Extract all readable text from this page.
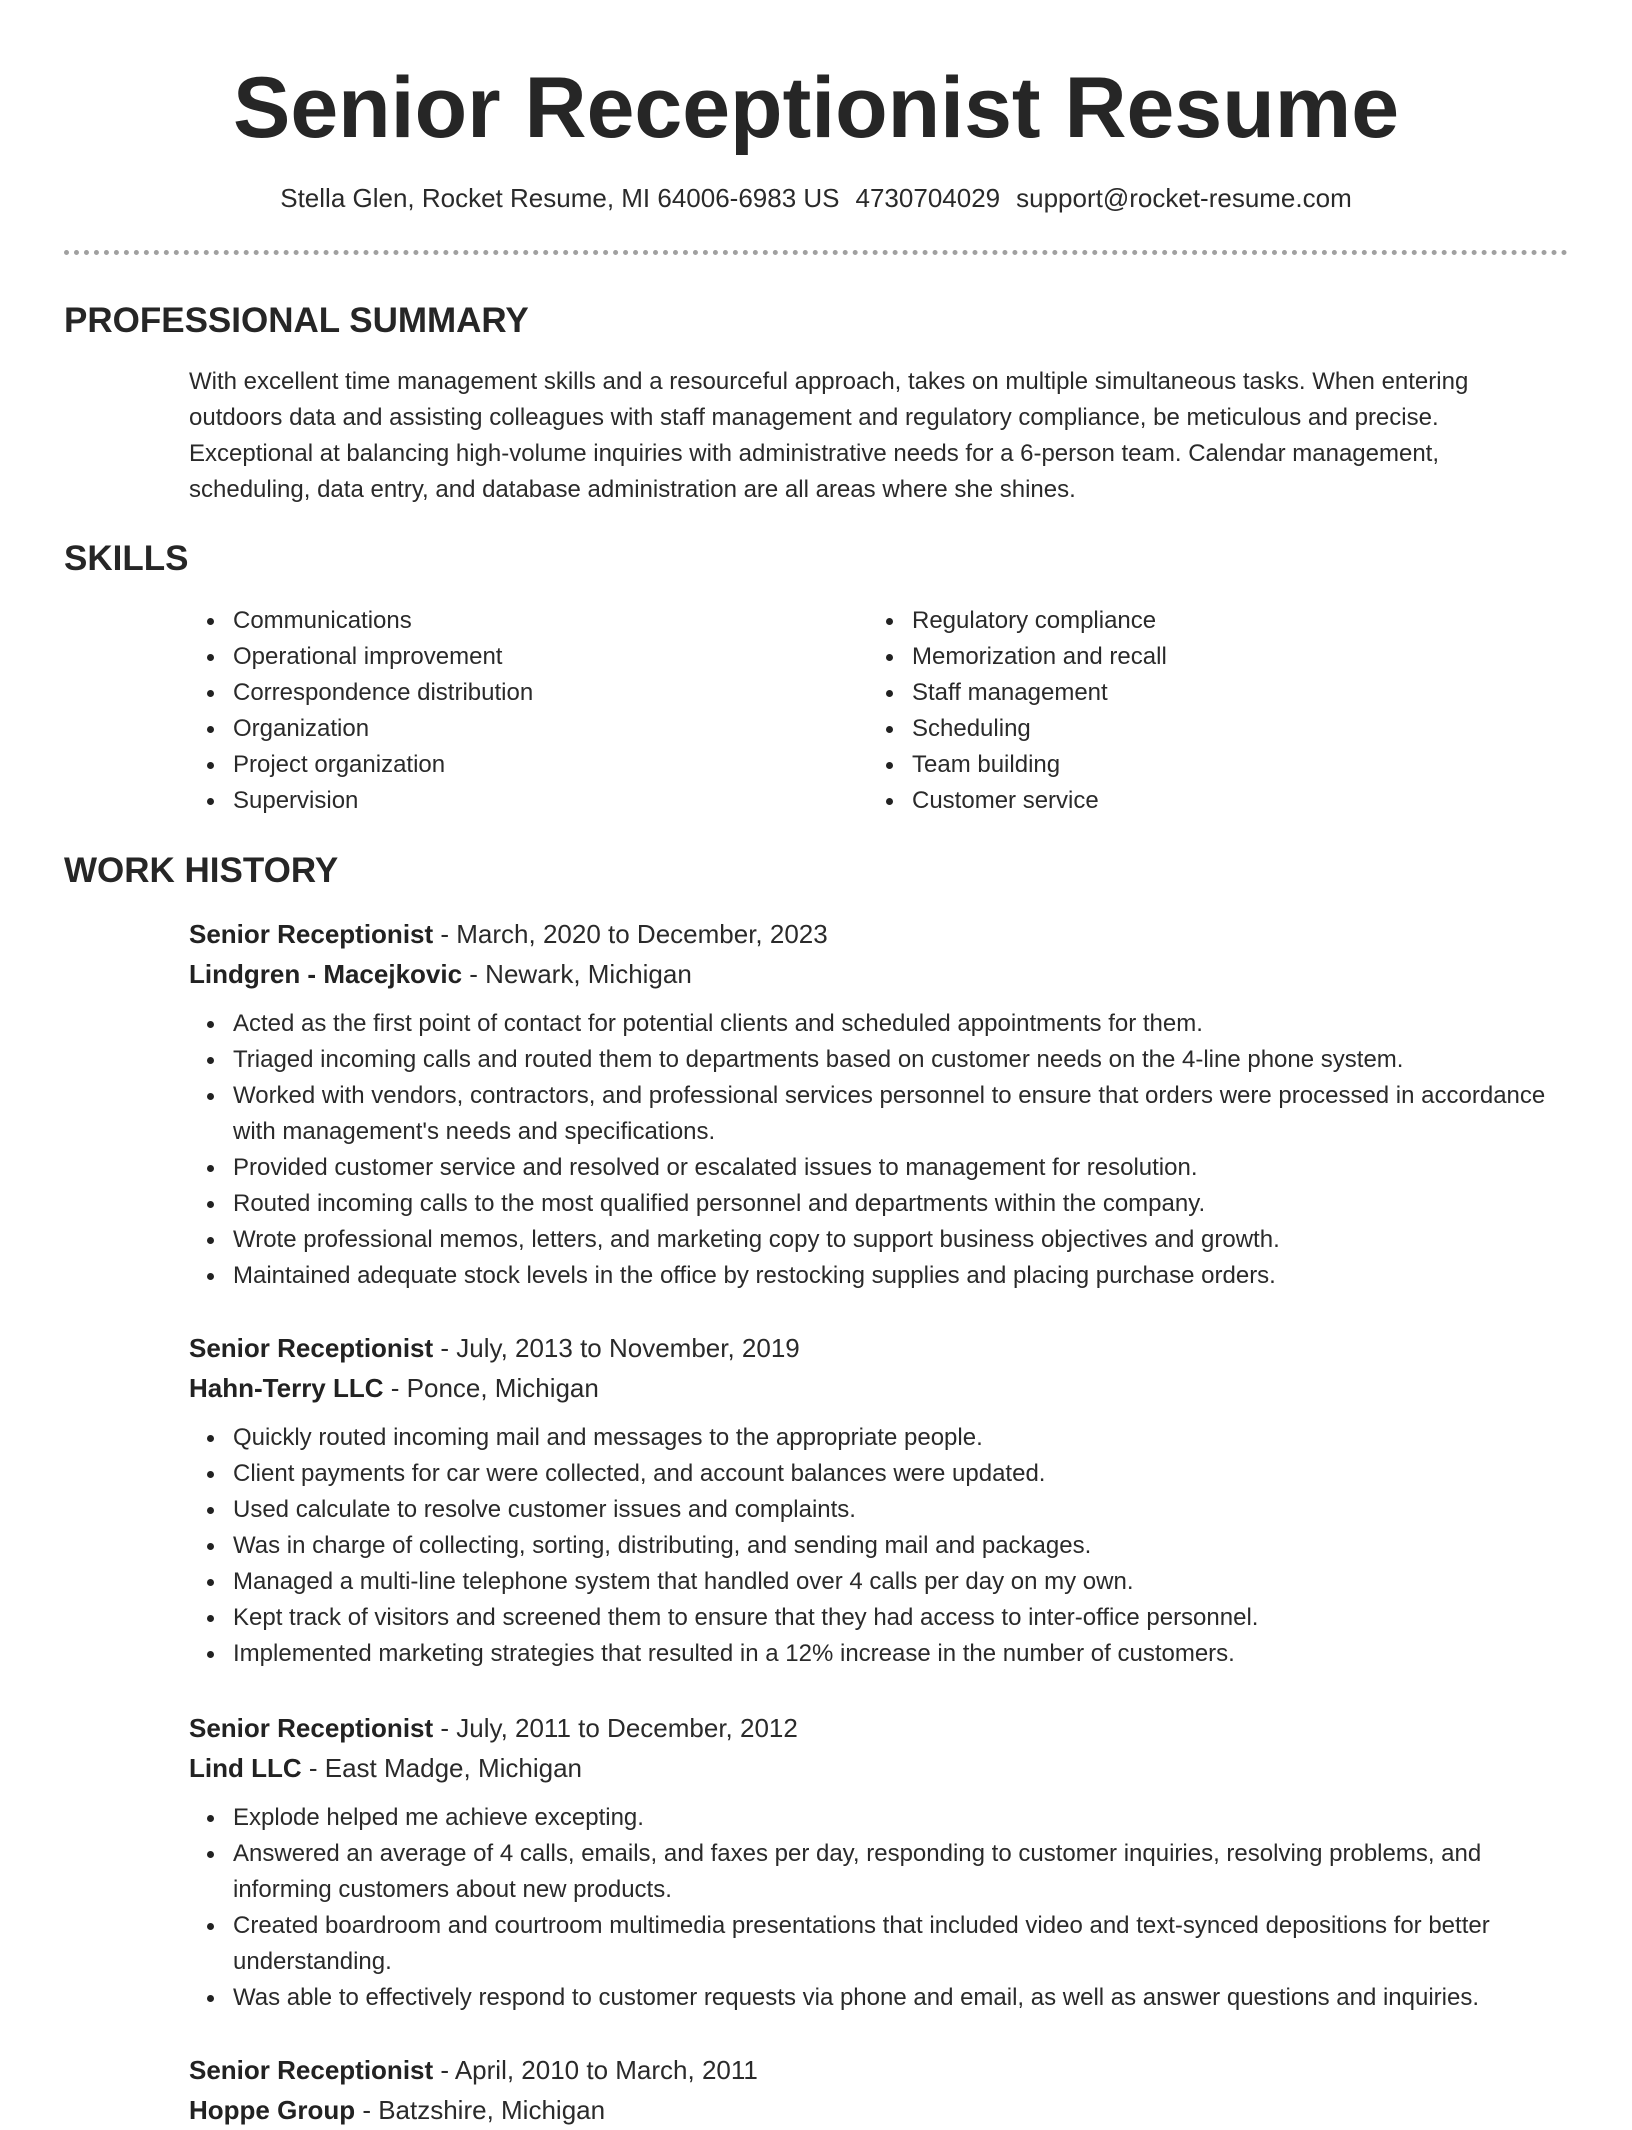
Senior Receptionist Resume
Stella Glen, Rocket Resume, MI 64006-6983 US 4730704029 support@rocket-resume.com
PROFESSIONAL SUMMARY

With excellent time management skills and a resourceful approach, takes on multiple simultaneous tasks. When entering outdoors data and assisting colleagues with staff management and regulatory compliance, be meticulous and precise. Exceptional at balancing high-volume inquiries with administrative needs for a 6-person team. Calendar management, scheduling, data entry, and database administration are all areas where she shines.

SKILLS
Communications
Operational improvement
Correspondence distribution
Organization
Project organization
Supervision
Regulatory compliance
Memorization and recall
Staff management
Scheduling
Team building
Customer service
WORK HISTORY
Senior Receptionist - March, 2020 to December, 2023
Lindgren - Macejkovic - Newark, Michigan
Acted as the first point of contact for potential clients and scheduled appointments for them.
Triaged incoming calls and routed them to departments based on customer needs on the 4-line phone system.
Worked with vendors, contractors, and professional services personnel to ensure that orders were processed in accordance with management's needs and specifications.
Provided customer service and resolved or escalated issues to management for resolution.
Routed incoming calls to the most qualified personnel and departments within the company.
Wrote professional memos, letters, and marketing copy to support business objectives and growth.
Maintained adequate stock levels in the office by restocking supplies and placing purchase orders.
Senior Receptionist - July, 2013 to November, 2019
Hahn-Terry LLC - Ponce, Michigan
Quickly routed incoming mail and messages to the appropriate people.
Client payments for car were collected, and account balances were updated.
Used calculate to resolve customer issues and complaints.
Was in charge of collecting, sorting, distributing, and sending mail and packages.
Managed a multi-line telephone system that handled over 4 calls per day on my own.
Kept track of visitors and screened them to ensure that they had access to inter-office personnel.
Implemented marketing strategies that resulted in a 12% increase in the number of customers.
Senior Receptionist - July, 2011 to December, 2012
Lind LLC - East Madge, Michigan
Explode helped me achieve excepting.
Answered an average of 4 calls, emails, and faxes per day, responding to customer inquiries, resolving problems, and informing customers about new products.
Created boardroom and courtroom multimedia presentations that included video and text-synced depositions for better understanding.
Was able to effectively respond to customer requests via phone and email, as well as answer questions and inquiries.
Senior Receptionist - April, 2010 to March, 2011
Hoppe Group - Batzshire, Michigan
